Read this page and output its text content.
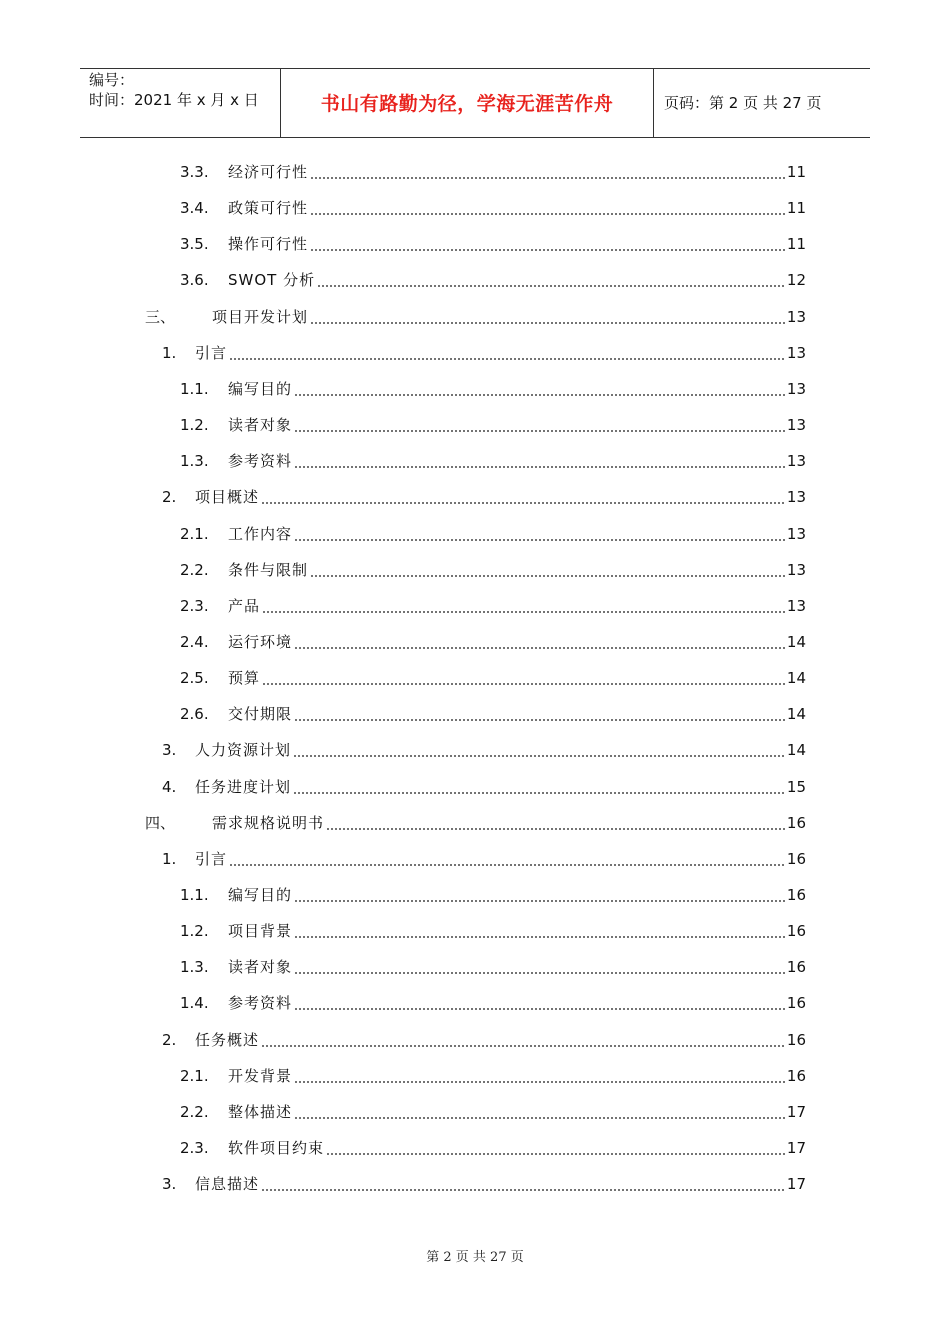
编号：
时间：2021 年 x 月 x 日	书山有路勤为径，学海无涯苦作舟	页码：第 2 页 共 27 页
3.3.	经济可行性	11
3.4.	政策可行性	11
3.5.	操作可行性	11
3.6.	SWOT 分析	12
三、	项目开发计划	13
1.	引言	13
1.1.	编写目的	13
1.2.	读者对象	13
1.3.	参考资料	13
2.	项目概述	13
2.1.	工作内容	13
2.2.	条件与限制	13
2.3.	产品	13
2.4.	运行环境	14
2.5.	预算	14
2.6.	交付期限	14
3.	人力资源计划	14
4.	任务进度计划	15
四、	需求规格说明书	16
1.	引言	16
1.1.	编写目的	16
1.2.	项目背景	16
1.3.	读者对象	16
1.4.	参考资料	16
2.	任务概述	16
2.1.	开发背景	16
2.2.	整体描述	17
2.3.	软件项目约束	17
3.	信息描述	17
第 2 页 共 27 页
